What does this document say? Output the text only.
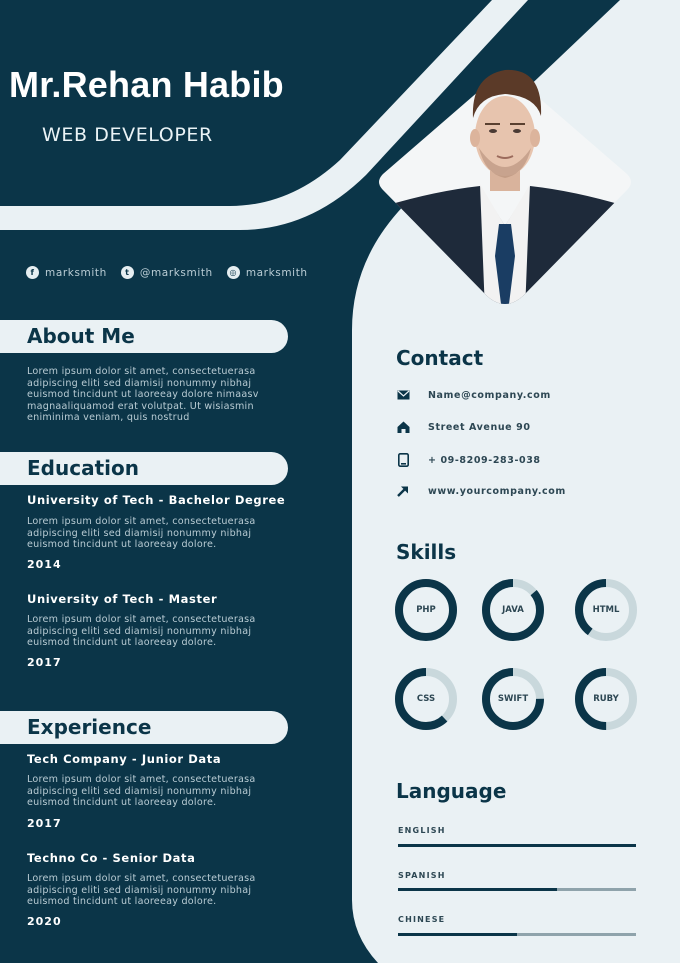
Mr.Rehan Habib
WEB DEVELOPER
f marksmith	t @marksmith	◎ marksmith
About Me
Lorem ipsum dolor sit amet, consectetuerasa
adipiscing eliti sed diamisij nonummy nibhaj
euismod tincidunt ut laoreeay dolore nimaasv
magnaaliquamod erat volutpat. Ut wisiasmin
eniminima veniam, quis nostrud
Education
University of Tech - Bachelor Degree
Lorem ipsum dolor sit amet, consectetuerasa
adipiscing eliti sed diamisij nonummy nibhaj
euismod tincidunt ut laoreeay dolore.
2014
University of Tech - Master
Lorem ipsum dolor sit amet, consectetuerasa
adipiscing eliti sed diamisij nonummy nibhaj
euismod tincidunt ut laoreeay dolore.
2017
Experience
Tech Company - Junior Data
Lorem ipsum dolor sit amet, consectetuerasa
adipiscing eliti sed diamisij nonummy nibhaj
euismod tincidunt ut laoreeay dolore.
2017
Techno Co - Senior Data
Lorem ipsum dolor sit amet, consectetuerasa
adipiscing eliti sed diamisij nonummy nibhaj
euismod tincidunt ut laoreeay dolore.
2020
Contact
Name@company.com
Street Avenue 90
+ 09-8209-283-038
www.yourcompany.com
Skills
PHP	JAVA	HTML
CSS	SWIFT	RUBY
Language
ENGLISH
SPANISH
CHINESE
